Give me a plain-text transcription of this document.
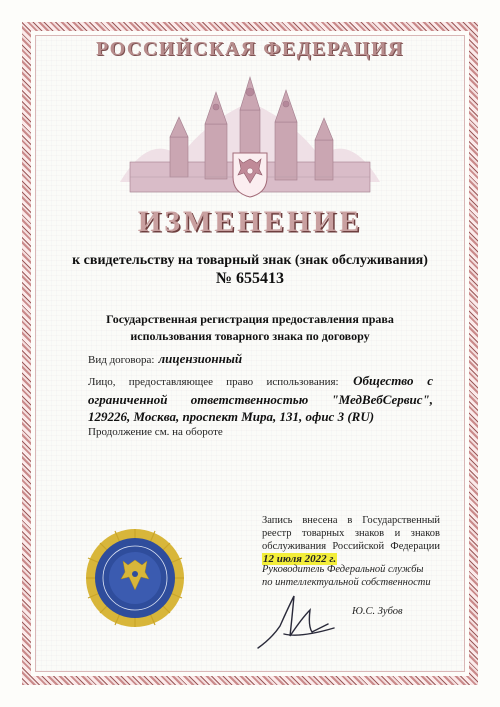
РОССИЙСКАЯ ФЕДЕРАЦИЯ
ИЗМЕНЕНИЕ
к свидетельству на товарный знак (знак обслуживания)
№ 655413
Государственная регистрация предоставления права
использования товарного знака по договору
Вид договора: лицензионный
Лицо, предоставляющее право использования: Общество с ограниченной ответственностью "МедВебСервис", 129226, Москва, проспект Мира, 131, офис 3 (RU)
Продолжение см. на обороте
Запись внесена в Государственный реестр товарных знаков и знаков обслуживания Российской Федерации 12 июля 2022 г.
Руководитель Федеральной службы
по интеллектуальной собственности
Ю.С. Зубов
